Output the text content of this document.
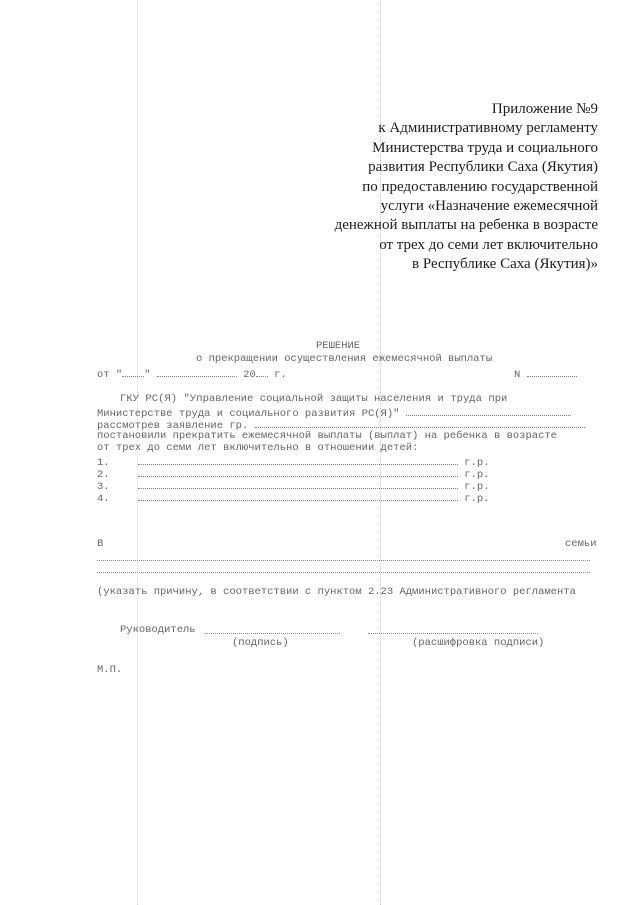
Приложение №9
к Административному регламенту
Министерства труда и социального
развития Республики Саха (Якутия)
по предоставлению государственной
услуги «Назначение ежемесячной
денежной выплаты на ребенка в возрасте
от трех до семи лет включительно
в Республике Саха (Якутия)»
РЕШЕНИЕ
о прекращении осуществления ежемесячной выплаты
от " "	20 г.	N
ГКУ РС(Я) "Управление социальной защиты населения и труда при
Министерстве труда и социального развития РС(Я)"
рассмотрев заявление гр.
постановили прекратить ежемесячной выплаты (выплат) на ребенка в возрасте
от трех до семи лет включительно в отношении детей:
1.	г.р.
2.	г.р.
3.	г.р.
4.	г.р.
В	семьи
(указать причину, в соответствии с пунктом 2.23 Административного регламента
Руководитель
(подпись)	(расшифровка подписи)
М.П.
